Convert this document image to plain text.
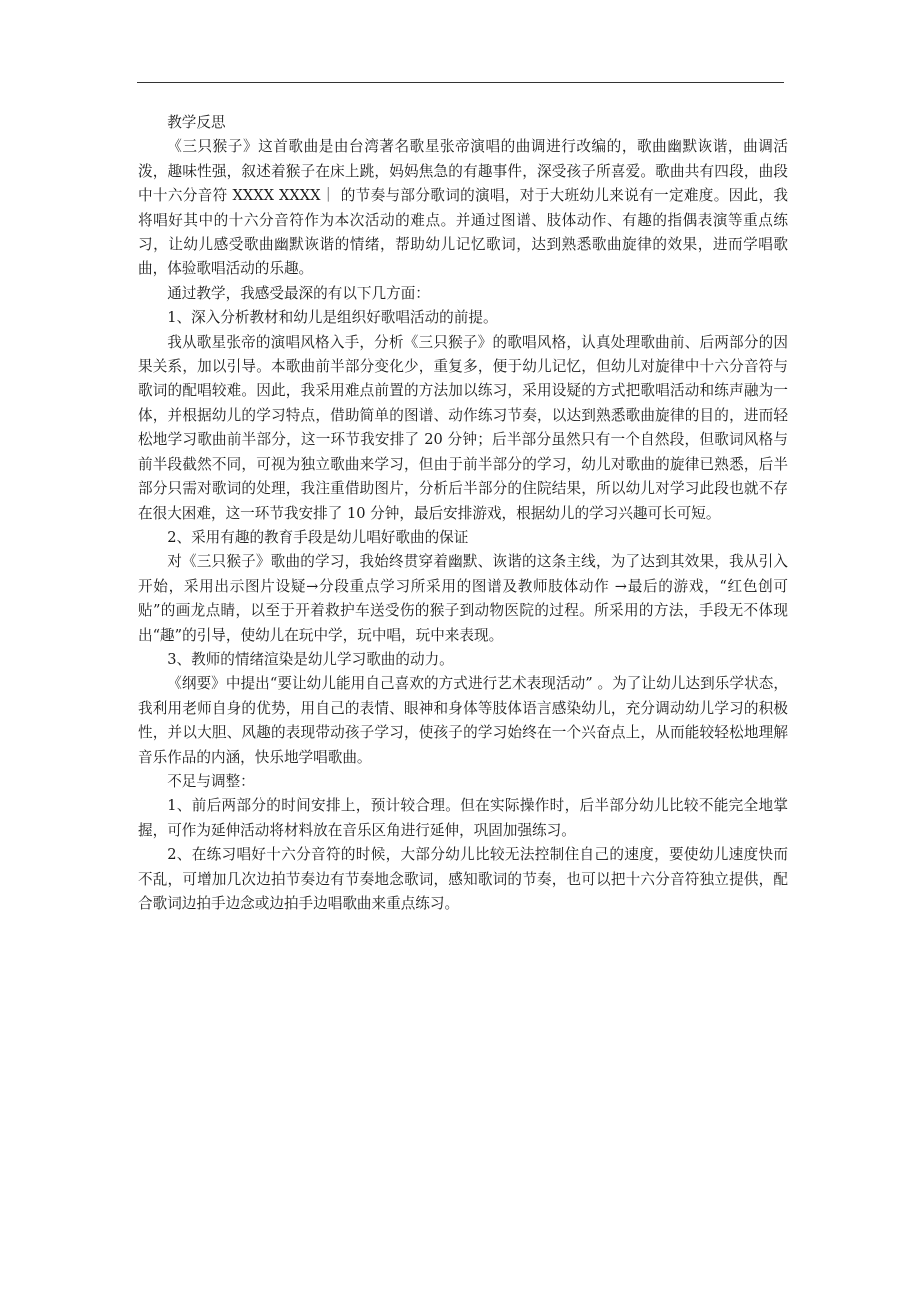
教学反思

《三只猴子》这首歌曲是由台湾著名歌星张帝演唱的曲调进行改编的，歌曲幽默诙谐，曲调活泼，趣味性强，叙述着猴子在床上跳，妈妈焦急的有趣事件，深受孩子所喜爱。歌曲共有四段，曲段中十六分音符 XXXX XXXX｜ 的节奏与部分歌词的演唱，对于大班幼儿来说有一定难度。因此，我将唱好其中的十六分音符作为本次活动的难点。并通过图谱、肢体动作、有趣的指偶表演等重点练习，让幼儿感受歌曲幽默诙谐的情绪，帮助幼儿记忆歌词，达到熟悉歌曲旋律的效果，进而学唱歌曲，体验歌唱活动的乐趣。

通过教学，我感受最深的有以下几方面：

1、深入分析教材和幼儿是组织好歌唱活动的前提。

我从歌星张帝的演唱风格入手，分析《三只猴子》的歌唱风格，认真处理歌曲前、后两部分的因果关系，加以引导。本歌曲前半部分变化少，重复多，便于幼儿记忆，但幼儿对旋律中十六分音符与歌词的配唱较难。因此，我采用难点前置的方法加以练习，采用设疑的方式把歌唱活动和练声融为一体，并根据幼儿的学习特点，借助简单的图谱、动作练习节奏，以达到熟悉歌曲旋律的目的，进而轻松地学习歌曲前半部分，这一环节我安排了 20 分钟；后半部分虽然只有一个自然段，但歌词风格与前半段截然不同，可视为独立歌曲来学习，但由于前半部分的学习，幼儿对歌曲的旋律已熟悉，后半部分只需对歌词的处理，我注重借助图片，分析后半部分的住院结果，所以幼儿对学习此段也就不存在很大困难，这一环节我安排了 10 分钟，最后安排游戏，根据幼儿的学习兴趣可长可短。

2、采用有趣的教育手段是幼儿唱好歌曲的保证

对《三只猴子》歌曲的学习，我始终贯穿着幽默、诙谐的这条主线，为了达到其效果，我从引入开始，采用出示图片设疑→分段重点学习所采用的图谱及教师肢体动作 →最后的游戏，“红色创可贴”的画龙点睛，以至于开着救护车送受伤的猴子到动物医院的过程。所采用的方法，手段无不体现出“趣”的引导，使幼儿在玩中学，玩中唱，玩中来表现。

3、教师的情绪渲染是幼儿学习歌曲的动力。

《纲要》中提出“要让幼儿能用自己喜欢的方式进行艺术表现活动” 。为了让幼儿达到乐学状态，我利用老师自身的优势，用自己的表情、眼神和身体等肢体语言感染幼儿，充分调动幼儿学习的积极性，并以大胆、风趣的表现带动孩子学习，使孩子的学习始终在一个兴奋点上，从而能较轻松地理解音乐作品的内涵，快乐地学唱歌曲。

不足与调整：

1、前后两部分的时间安排上，预计较合理。但在实际操作时，后半部分幼儿比较不能完全地掌握，可作为延伸活动将材料放在音乐区角进行延伸，巩固加强练习。

2、在练习唱好十六分音符的时候，大部分幼儿比较无法控制住自己的速度，要使幼儿速度快而不乱，可增加几次边拍节奏边有节奏地念歌词，感知歌词的节奏，也可以把十六分音符独立提供，配合歌词边拍手边念或边拍手边唱歌曲来重点练习。
